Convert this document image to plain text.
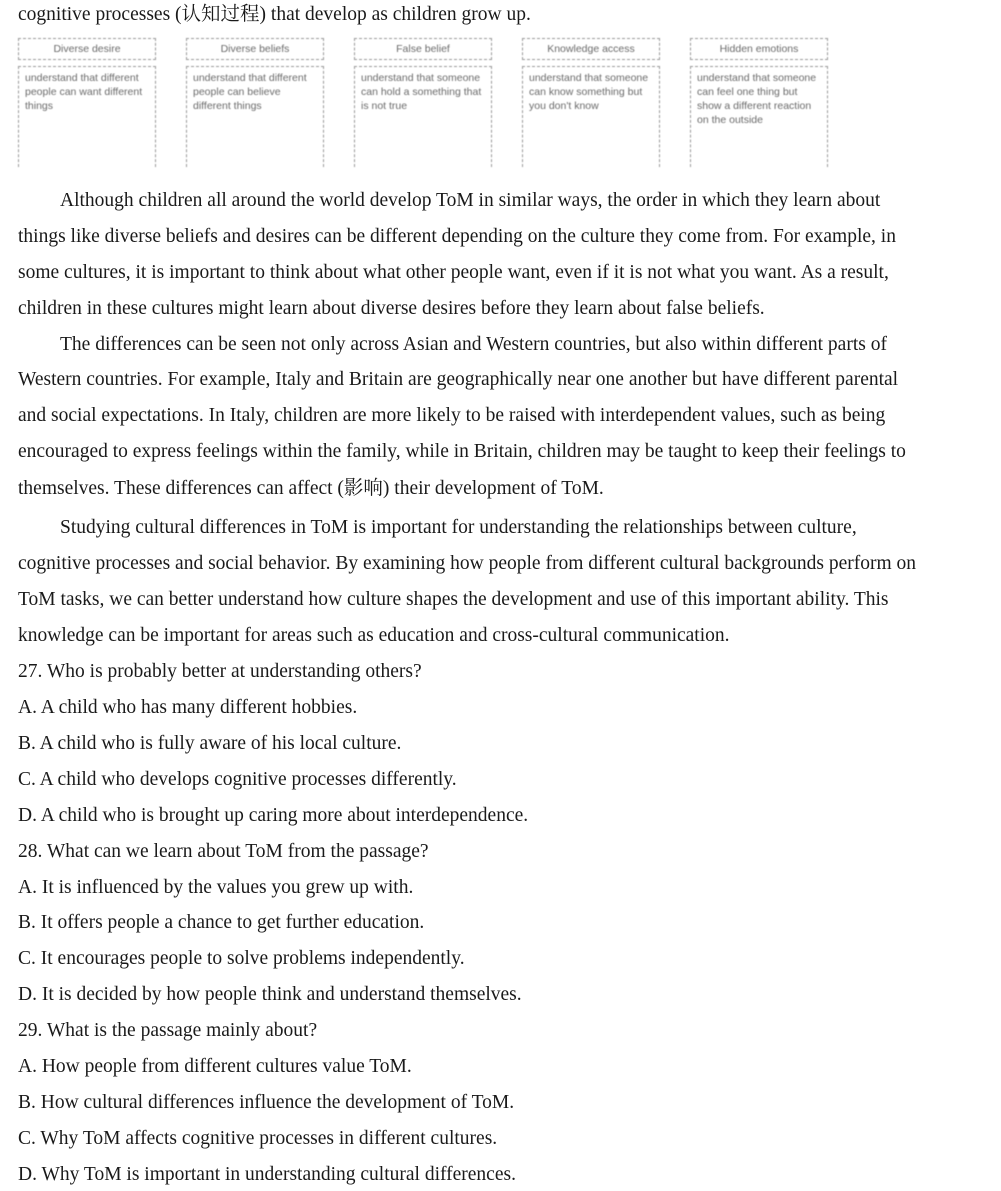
cognitive processes (认知过程) that develop as children grow up.
Diverse desire
understand that different people can want different things
Diverse beliefs
understand that different people can believe different things
False belief
understand that someone can hold a something that is not true
Knowledge access
understand that someone can know something but you don't know
Hidden emotions
understand that someone can feel one thing but show a different reaction on the outside
Although children all around the world develop ToM in similar ways, the order in which they learn about
things like diverse beliefs and desires can be different depending on the culture they come from. For example, in
some cultures, it is important to think about what other people want, even if it is not what you want. As a result,
children in these cultures might learn about diverse desires before they learn about false beliefs.
The differences can be seen not only across Asian and Western countries, but also within different parts of
Western countries. For example, Italy and Britain are geographically near one another but have different parental
and social expectations. In Italy, children are more likely to be raised with interdependent values, such as being
encouraged to express feelings within the family, while in Britain, children may be taught to keep their feelings to
themselves. These differences can affect (影响) their development of ToM.
Studying cultural differences in ToM is important for understanding the relationships between culture,
cognitive processes and social behavior. By examining how people from different cultural backgrounds perform on
ToM tasks, we can better understand how culture shapes the development and use of this important ability. This
knowledge can be important for areas such as education and cross-cultural communication.
27. Who is probably better at understanding others?
A. A child who has many different hobbies.
B. A child who is fully aware of his local culture.
C. A child who develops cognitive processes differently.
D. A child who is brought up caring more about interdependence.
28. What can we learn about ToM from the passage?
A. It is influenced by the values you grew up with.
B. It offers people a chance to get further education.
C. It encourages people to solve problems independently.
D. It is decided by how people think and understand themselves.
29. What is the passage mainly about?
A. How people from different cultures value ToM.
B. How cultural differences influence the development of ToM.
C. Why ToM affects cognitive processes in different cultures.
D. Why ToM is important in understanding cultural differences.
